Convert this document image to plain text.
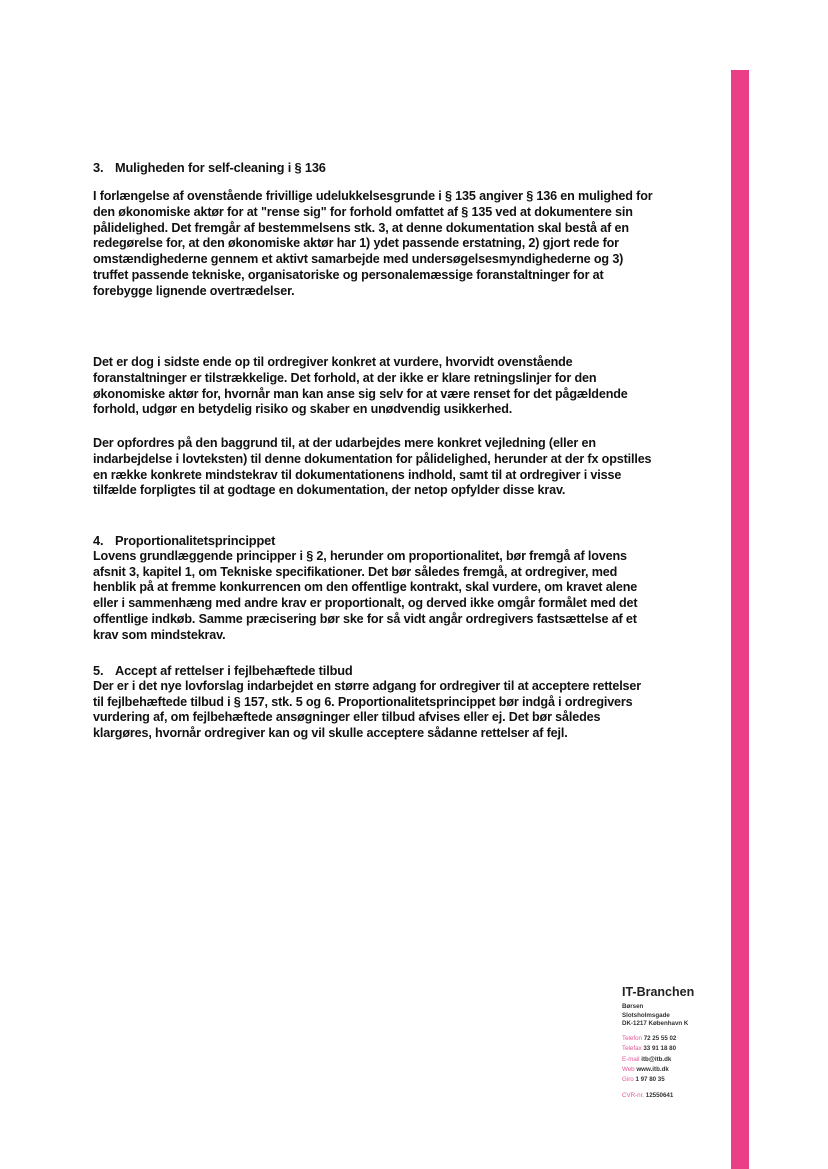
3. Muligheden for self-cleaning i § 136

I forlængelse af ovenstående frivillige udelukkelsesgrunde i § 135 angiver § 136 en mulighed for den økonomiske aktør for at "rense sig" for forhold omfattet af § 135 ved at dokumentere sin pålidelighed. Det fremgår af bestemmelsens stk. 3, at denne dokumentation skal bestå af en redegørelse for, at den økonomiske aktør har 1) ydet passende erstatning, 2) gjort rede for omstændighederne gennem et aktivt samarbejde med undersøgelsesmyndighederne og 3) truffet passende tekniske, organisatoriske og personalemæssige foranstaltninger for at forebygge lignende overtrædelser.

Det er dog i sidste ende op til ordregiver konkret at vurdere, hvorvidt ovenstående foranstaltninger er tilstrækkelige. Det forhold, at der ikke er klare retningslinjer for den økonomiske aktør for, hvornår man kan anse sig selv for at være renset for det pågældende forhold, udgør en betydelig risiko og skaber en unødvendig usikkerhed.

Der opfordres på den baggrund til, at der udarbejdes mere konkret vejledning (eller en indarbejdelse i lovteksten) til denne dokumentation for pålidelighed, herunder at der fx opstilles en række konkrete mindstekrav til dokumentationens indhold, samt til at ordregiver i visse tilfælde forpligtes til at godtage en dokumentation, der netop opfylder disse krav.

4. Proportionalitetsprincippet

Lovens grundlæggende principper i § 2, herunder om proportionalitet, bør fremgå af lovens afsnit 3, kapitel 1, om Tekniske specifikationer. Det bør således fremgå, at ordregiver, med henblik på at fremme konkurrencen om den offentlige kontrakt, skal vurdere, om kravet alene eller i sammenhæng med andre krav er proportionalt, og derved ikke omgår formålet med det offentlige indkøb. Samme præcisering bør ske for så vidt angår ordregivers fastsættelse af et krav som mindstekrav.

5. Accept af rettelser i fejlbehæftede tilbud

Der er i det nye lovforslag indarbejdet en større adgang for ordregiver til at acceptere rettelser til fejlbehæftede tilbud i § 157, stk. 5 og 6. Proportionalitetsprincippet bør indgå i ordregivers vurdering af, om fejlbehæftede ansøgninger eller tilbud afvises eller ej. Det bør således klargøres, hvornår ordregiver kan og vil skulle acceptere sådanne rettelser af fejl.

IT-Branchen
Børsen
Slotsholmsgade
DK-1217 København K
Telefon 72 25 55 02
Telefax 33 91 18 80
E-mail itb@itb.dk
Web www.itb.dk
Giro 1 97 80 35
CVR-nr. 12550641
